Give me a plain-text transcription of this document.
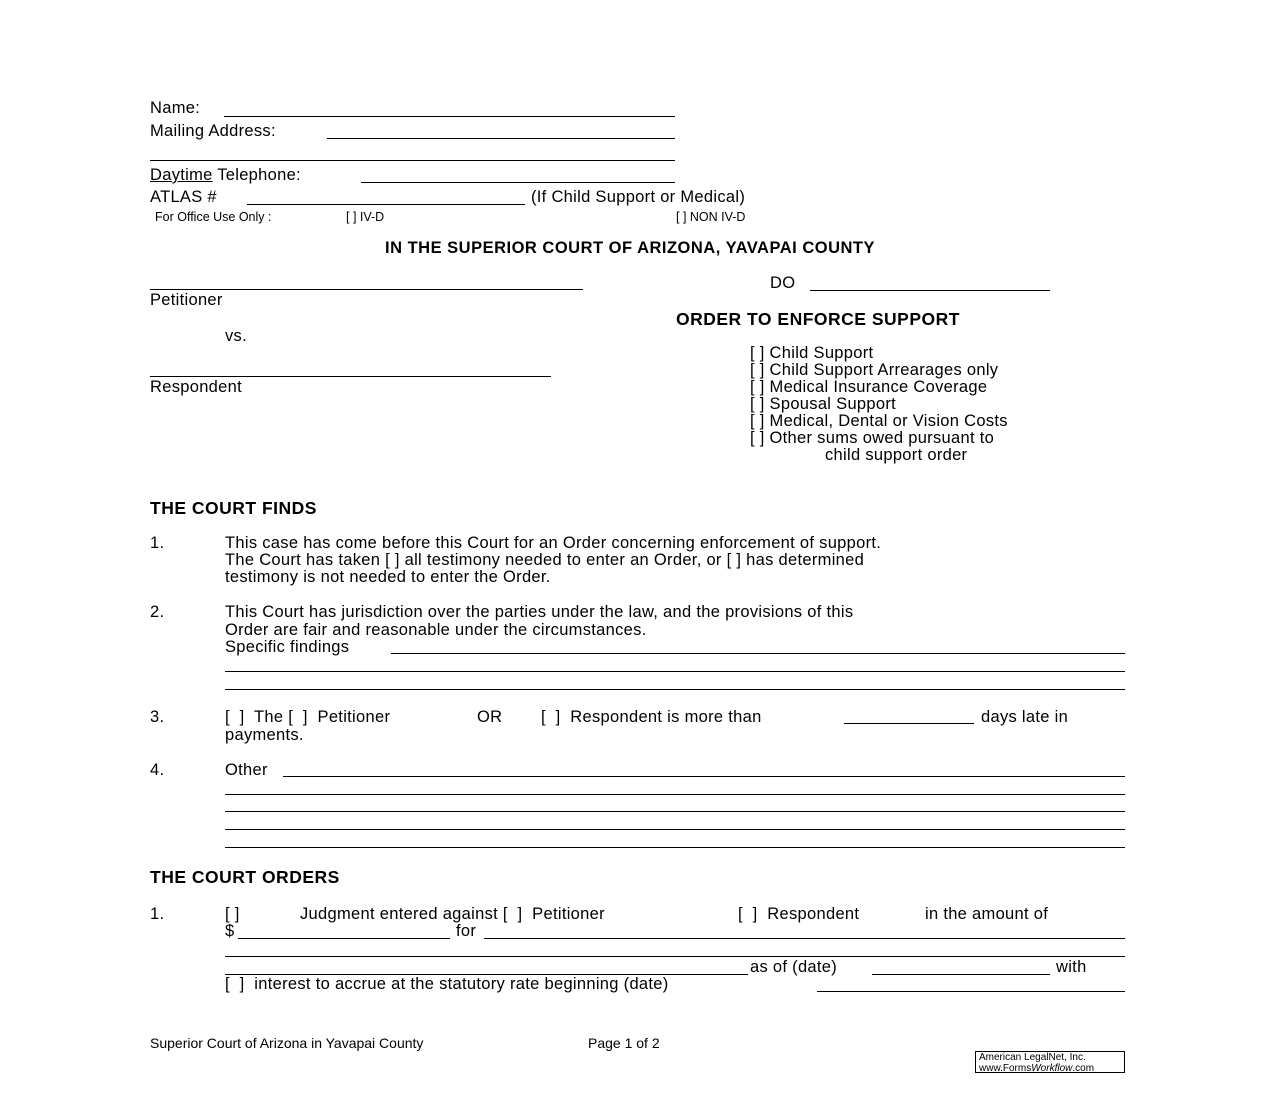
Name:
Mailing Address:
Daytime Telephone:
ATLAS #	(If Child Support or Medical)
For Office Use Only :	[ ] IV-D	[ ] NON IV-D
IN THE SUPERIOR COURT OF ARIZONA, YAVAPAI COUNTY
Petitioner
vs.
Respondent
DO
ORDER TO ENFORCE SUPPORT
[ ] Child Support
[ ] Child Support Arrearages only
[ ] Medical Insurance Coverage
[ ] Spousal Support
[ ] Medical, Dental or Vision Costs
[ ] Other sums owed pursuant to
child support order
THE COURT FINDS
1.	This case has come before this Court for an Order concerning enforcement of support.
The Court has taken [ ] all testimony needed to enter an Order, or [ ] has determined
testimony is not needed to enter the Order.
2.	This Court has jurisdiction over the parties under the law, and the provisions of this
Order are fair and reasonable under the circumstances.
Specific findings
3.	[  ]  The [  ]  Petitioner	OR [  ]  Respondent is more than	days late in
payments.
4.	Other
THE COURT ORDERS
1.	[ ]	Judgment entered against [  ]  Petitioner	[  ]  Respondent	in the amount of
$	for
as of (date)	with
[  ]  interest to accrue at the statutory rate beginning (date)
Superior Court of Arizona in Yavapai County	Page 1 of 2
American LegalNet, Inc.
www.FormsWorkflow.com
